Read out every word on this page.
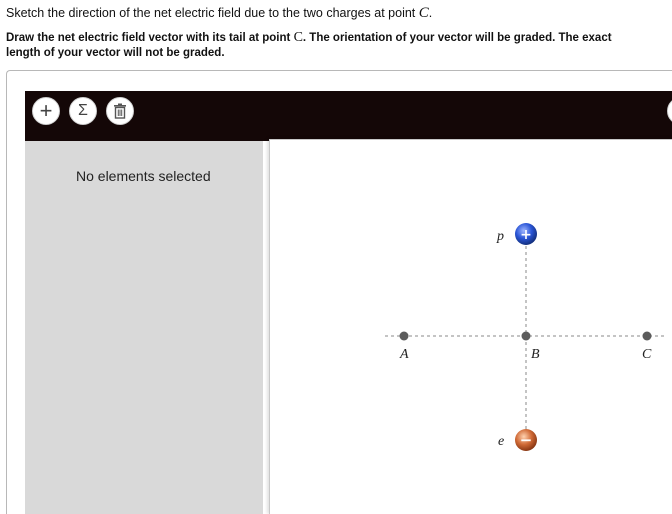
Sketch the direction of the net electric field due to the two charges at point C.
Draw the net electric field vector with its tail at point C. The orientation of your vector will be graded. The exact length of your vector will not be graded.
+ Σ
No elements selected
A	B	C
+
p
−
e
